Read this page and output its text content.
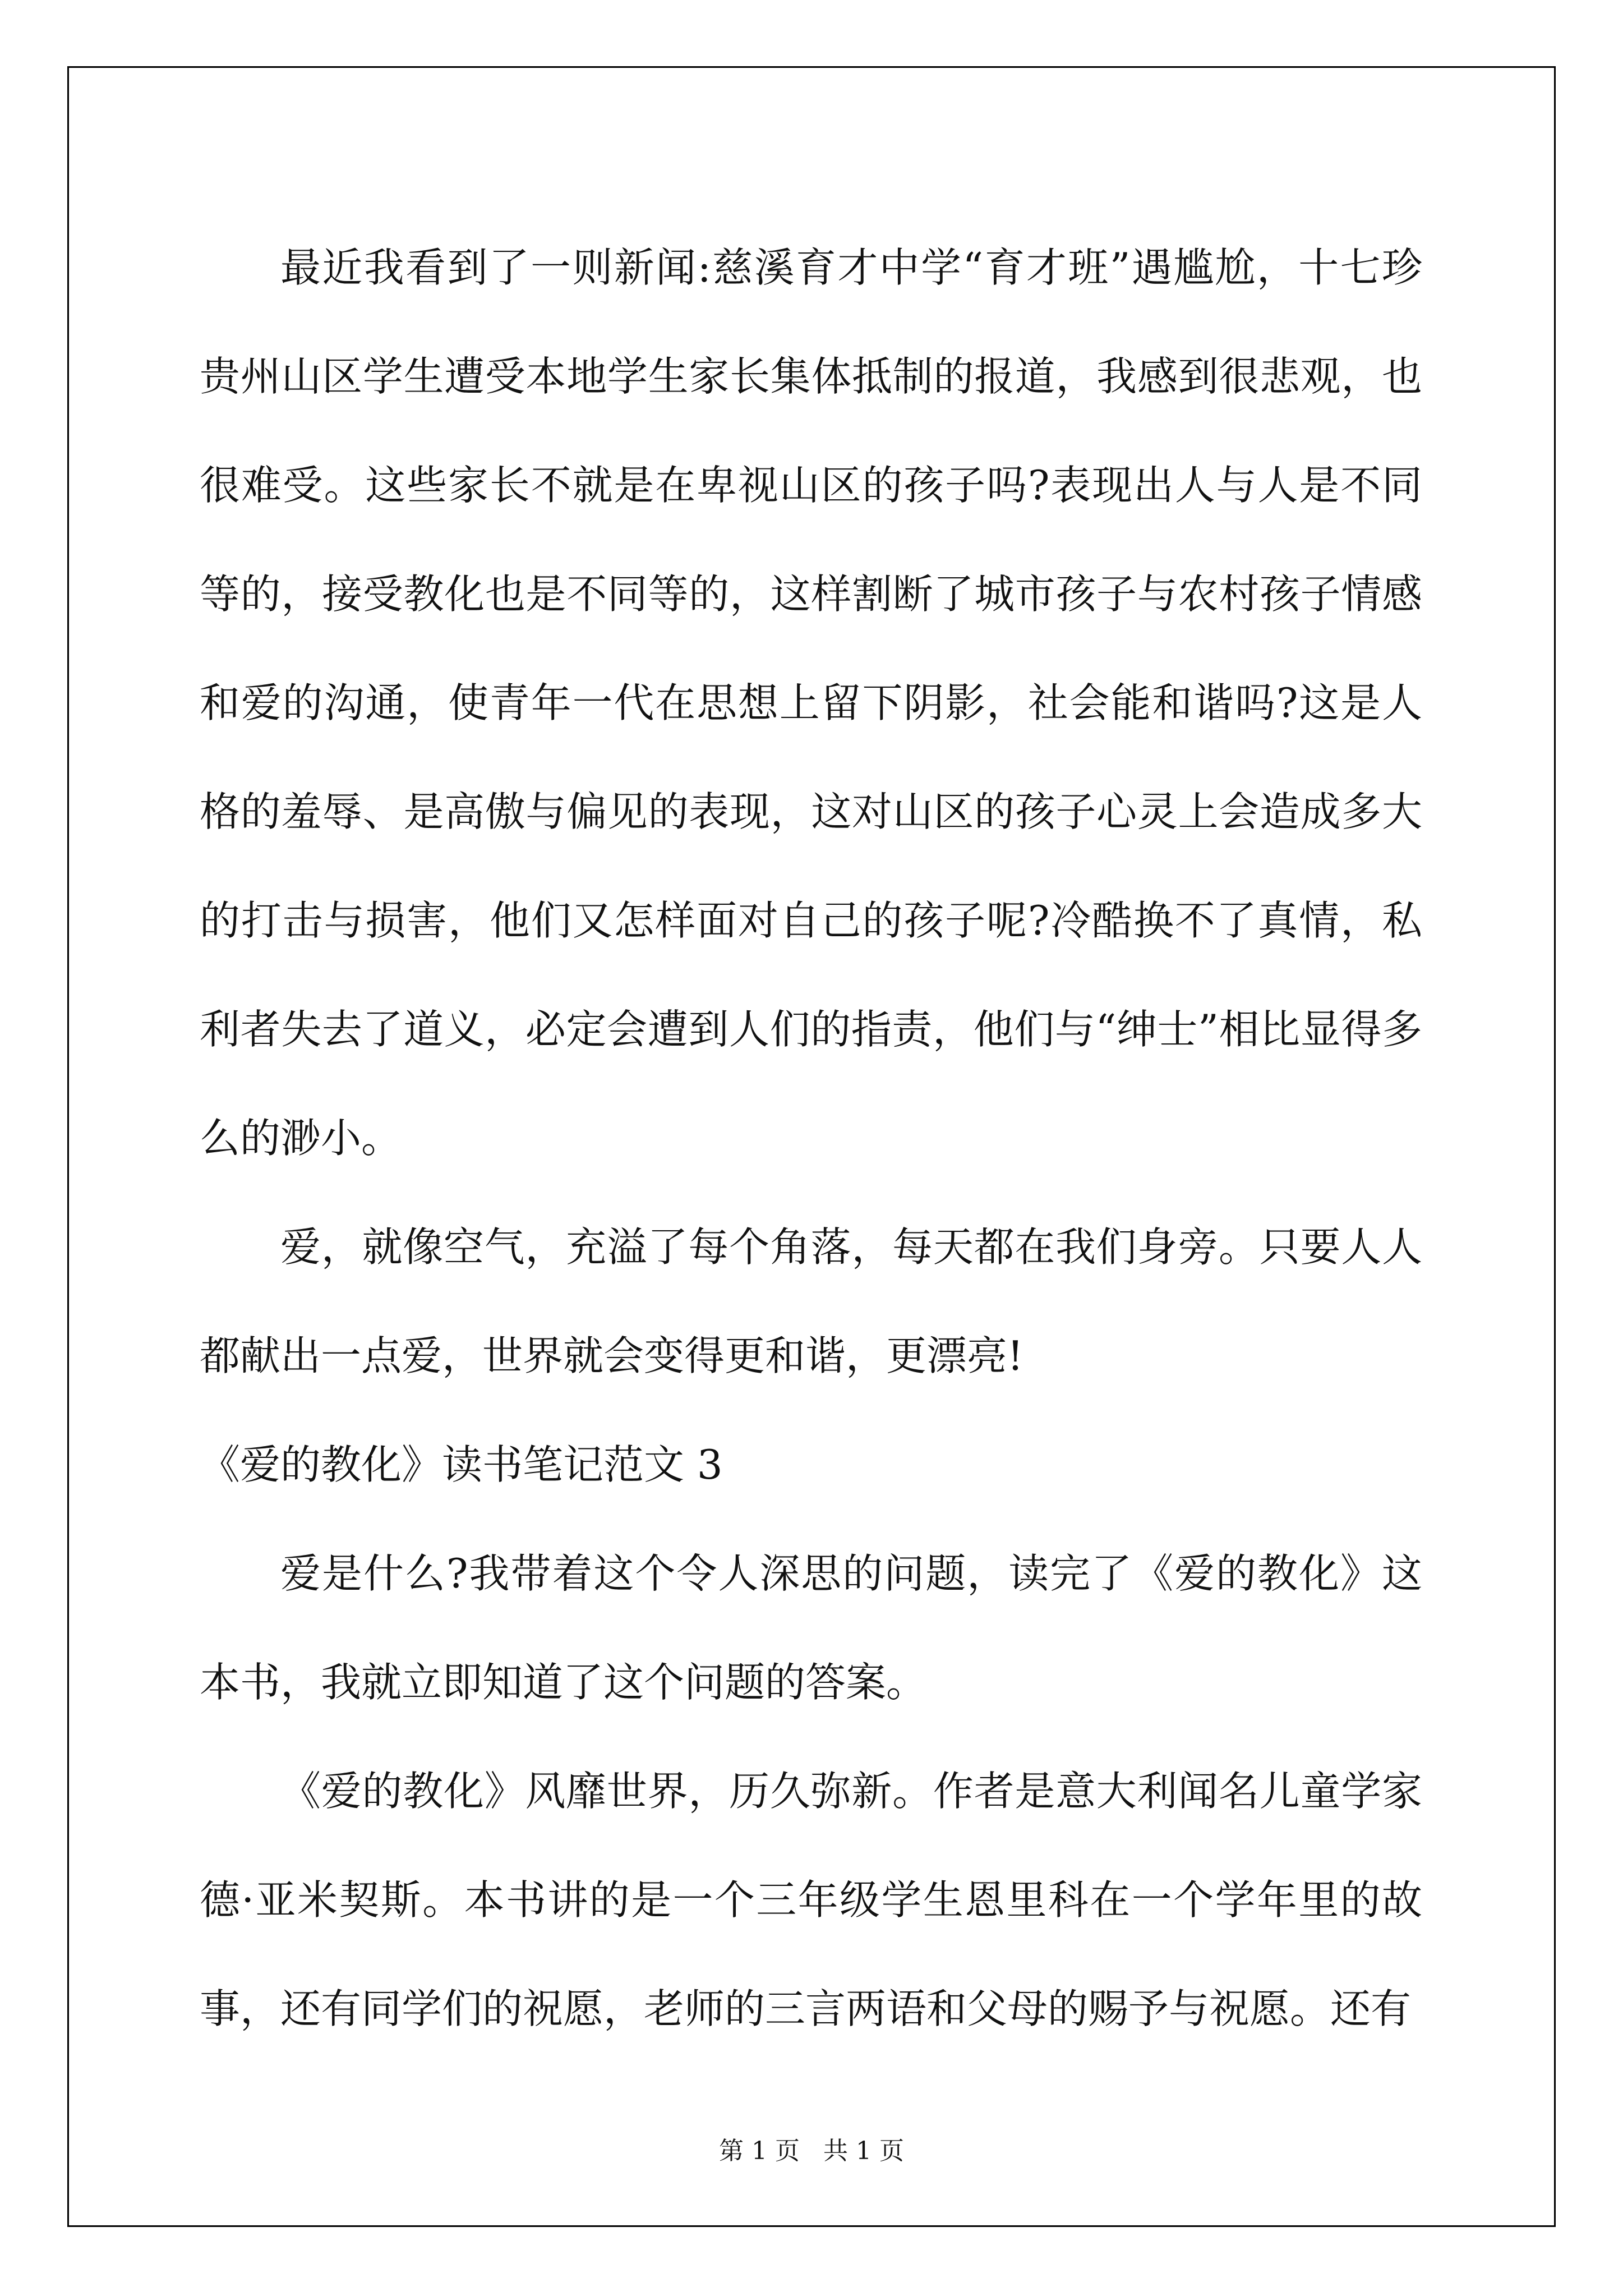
最近我看到了一则新闻:慈溪育才中学“育才班”遇尴尬，十七珍贵州山区学生遭受本地学生家长集体抵制的报道，我感到很悲观，也很难受。这些家长不就是在卑视山区的孩子吗?表现出人与人是不同等的，接受教化也是不同等的，这样割断了城市孩子与农村孩子情感和爱的沟通，使青年一代在思想上留下阴影，社会能和谐吗?这是人格的羞辱、是高傲与偏见的表现，这对山区的孩子心灵上会造成多大的打击与损害，他们又怎样面对自己的孩子呢?冷酷换不了真情，私利者失去了道义，必定会遭到人们的指责，他们与“绅士”相比显得多么的渺小。

爱，就像空气，充溢了每个角落，每天都在我们身旁。只要人人都献出一点爱，世界就会变得更和谐，更漂亮!

《爱的教化》读书笔记范文 3

爱是什么?我带着这个令人深思的问题，读完了《爱的教化》这本书，我就立即知道了这个问题的答案。

《爱的教化》风靡世界，历久弥新。作者是意大利闻名儿童学家德·亚米契斯。本书讲的是一个三年级学生恩里科在一个学年里的故事，还有同学们的祝愿，老师的三言两语和父母的赐予与祝愿。还有

第 1 页   共 1 页
